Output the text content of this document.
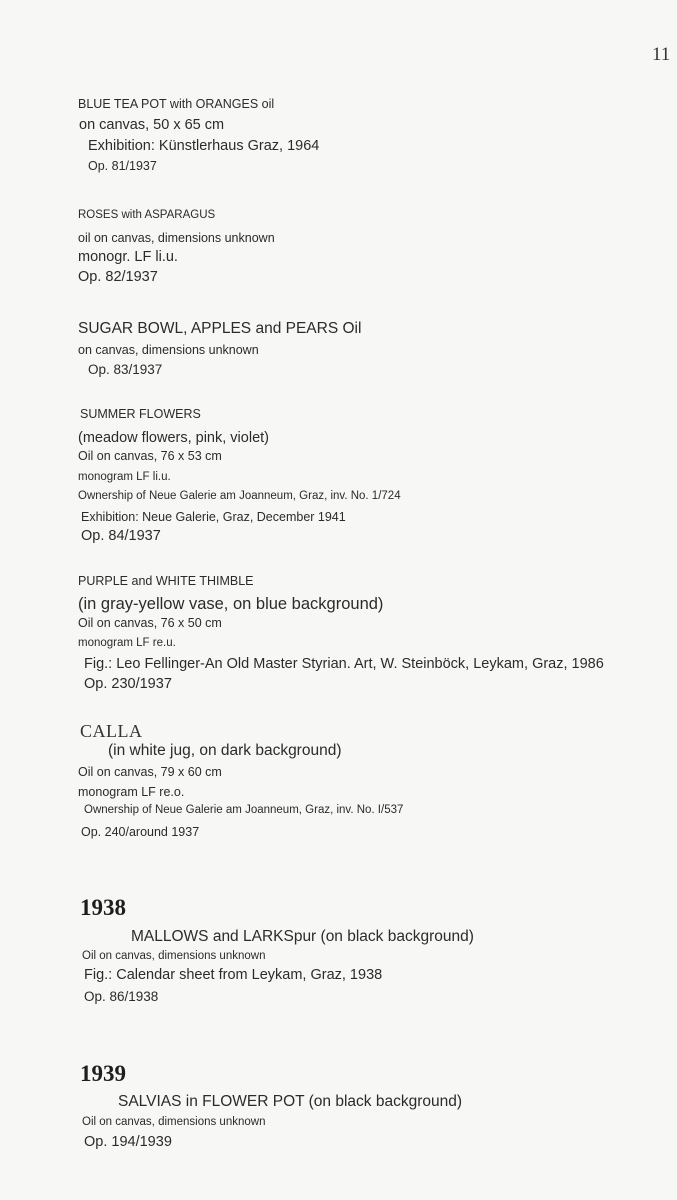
11
BLUE TEA POT with ORANGES oil
on canvas, 50 x 65 cm
Exhibition: Künstlerhaus Graz, 1964
Op. 81/1937
ROSES with ASPARAGUS
oil on canvas, dimensions unknown
monogr. LF li.u.
Op. 82/1937
SUGAR BOWL, APPLES and PEARS Oil
on canvas, dimensions unknown
Op. 83/1937
SUMMER FLOWERS
(meadow flowers, pink, violet)
Oil on canvas, 76 x 53 cm
monogram LF li.u.
Ownership of Neue Galerie am Joanneum, Graz, inv. No. 1/724
Exhibition: Neue Galerie, Graz, December 1941
Op. 84/1937
PURPLE and WHITE THIMBLE
(in gray-yellow vase, on blue background)
Oil on canvas, 76 x 50 cm
monogram LF re.u.
Fig.: Leo Fellinger-An Old Master Styrian. Art, W. Steinböck, Leykam, Graz, 1986
Op. 230/1937
CALLA
(in white jug, on dark background)
Oil on canvas, 79 x 60 cm
monogram LF re.o.
Ownership of Neue Galerie am Joanneum, Graz, inv. No. I/537
Op. 240/around 1937
1938
MALLOWS and LARKSpur (on black background)
Oil on canvas, dimensions unknown
Fig.: Calendar sheet from Leykam, Graz, 1938
Op. 86/1938
1939
SALVIAS in FLOWER POT (on black background)
Oil on canvas, dimensions unknown
Op. 194/1939
